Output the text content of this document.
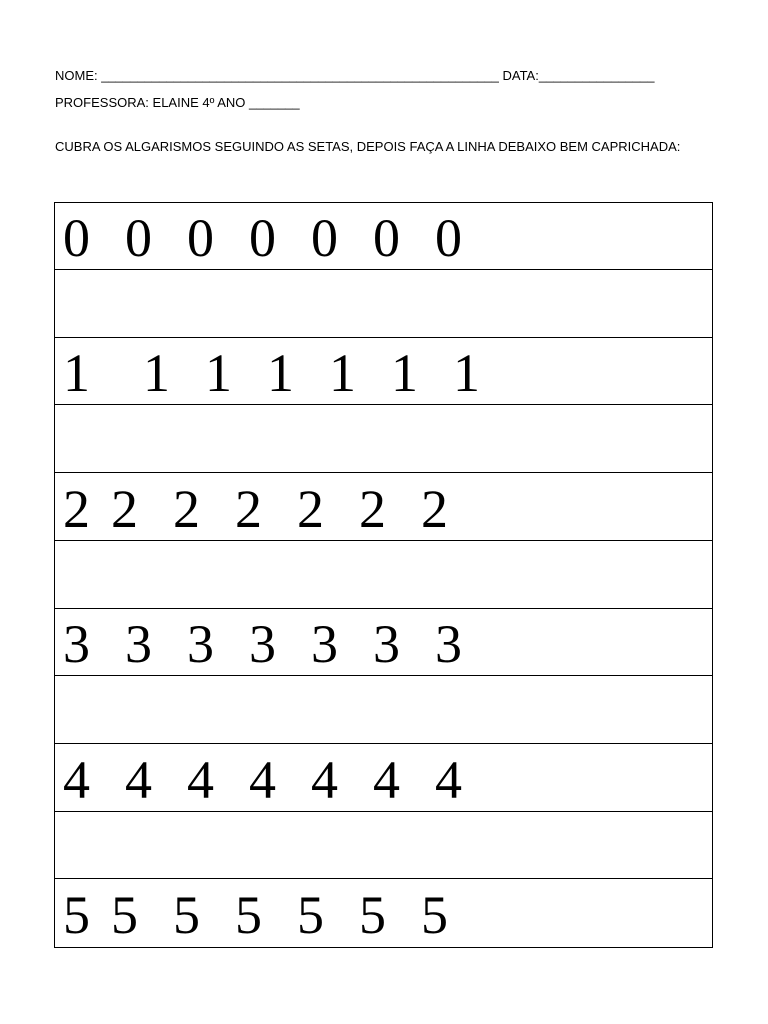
NOME: _______________________________________________________ DATA:________________
PROFESSORA: ELAINE 4º ANO _______
CUBRA OS ALGARISMOS SEGUINDO AS SETAS, DEPOIS FAÇA A LINHA DEBAIXO BEM CAPRICHADA:
0 0 0 0 0 0 0
1 1 1 1 1 1 1
2 2 2 2 2 2 2
3 3 3 3 3 3 3
4 4 4 4 4 4 4
5 5 5 5 5 5 5
